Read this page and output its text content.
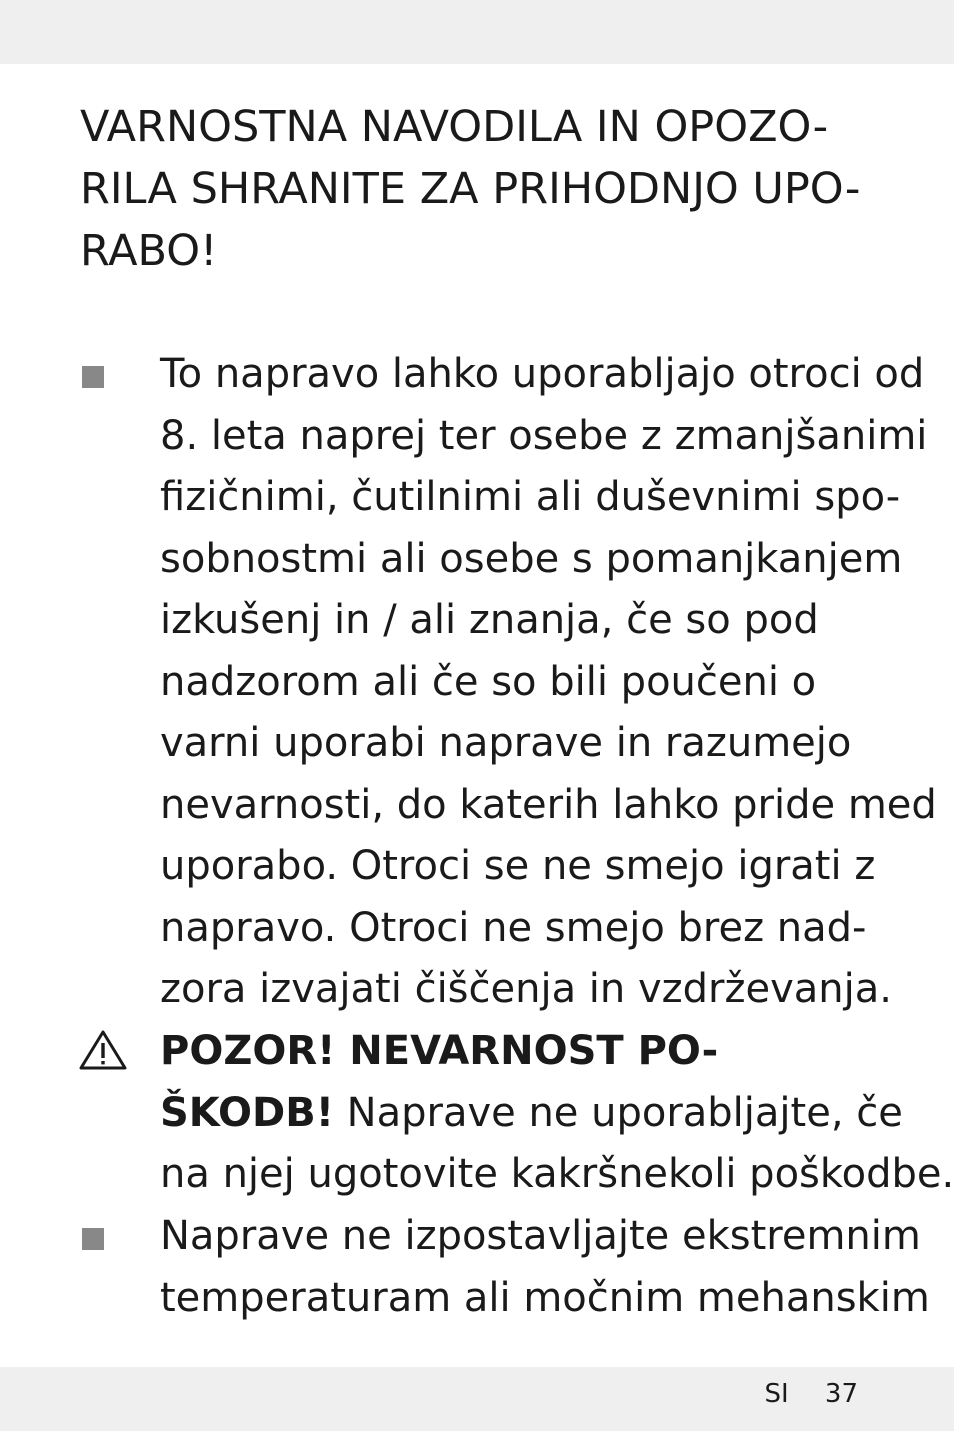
VARNOSTNA NAVODILA IN OPOZO-
RILA SHRANITE ZA PRIHODNJO UPO-
RABO!
To napravo lahko uporabljajo otroci od
8. leta naprej ter osebe z zmanjšanimi
fizičnimi, čutilnimi ali duševnimi spo-
sobnostmi ali osebe s pomanjkanjem
izkušenj in / ali znanja, če so pod
nadzorom ali če so bili poučeni o
varni uporabi naprave in razumejo
nevarnosti, do katerih lahko pride med
uporabo. Otroci se ne smejo igrati z
napravo. Otroci ne smejo brez nad-
zora izvajati čiščenja in vzdrževanja.
POZOR! NEVARNOST PO-
ŠKODB! Naprave ne uporabljajte, če
na njej ugotovite kakršnekoli poškodbe.
Naprave ne izpostavljajte ekstremnim
temperaturam ali močnim mehanskim
SI 37
